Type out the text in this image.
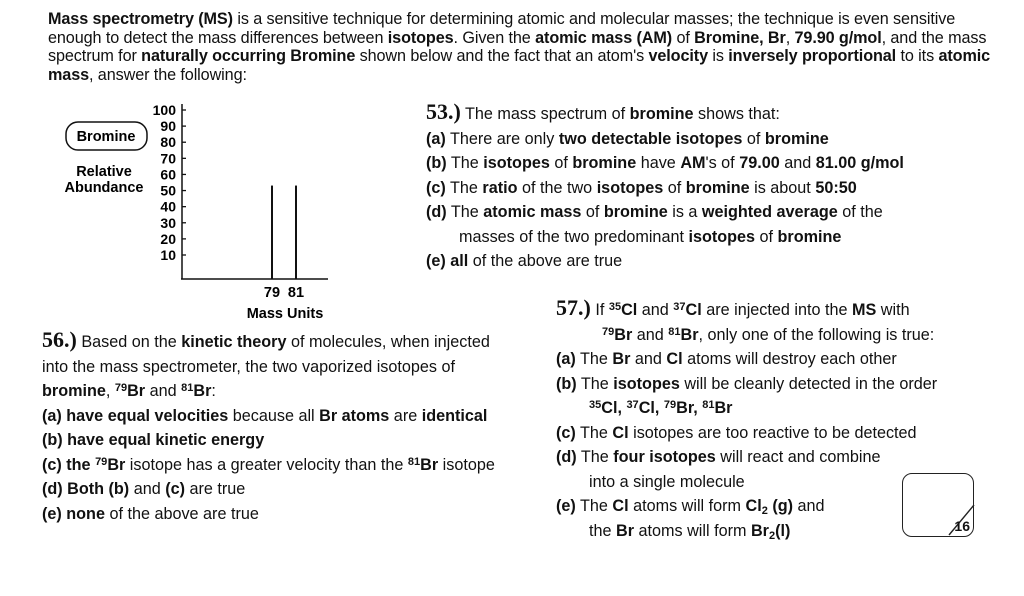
Mass spectrometry (MS) is a sensitive technique for determining atomic and molecular masses; the technique is even sensitive enough to detect the mass differences between isotopes. Given the atomic mass (AM) of Bromine, Br, 79.90 g/mol, and the mass spectrum for naturally occurring Bromine shown below and the fact that an atom's velocity is inversely proportional to its atomic mass, answer the following:

Bromine
Relative
Abundance
100
90
80
70
60
50
40
30
20
10
79 81
Mass Units

53.) The mass spectrum of bromine shows that:

(a) There are only two detectable isotopes of bromine

(b) The isotopes of bromine have AM's of 79.00 and 81.00 g/mol

(c) The ratio of the two isotopes of bromine is about 50:50

(d) The atomic mass of bromine is a weighted average of the

masses of the two predominant isotopes of bromine

(e) all of the above are true

56.) Based on the kinetic theory of molecules, when injected

into the mass spectrometer, the two vaporized isotopes of

bromine, $^{79}$Br and $^{81}$Br:

(a) have equal velocities because all Br atoms are identical

(b) have equal kinetic energy

(c) the $^{79}$Br isotope has a greater velocity than the $^{81}$Br isotope

(d) Both (b) and (c) are true

(e) none of the above are true

57.) If $^{35}$Cl and $^{37}$Cl are injected into the MS with

$^{79}$Br and $^{81}$Br, only one of the following is true:

(a) The Br and Cl atoms will destroy each other

(b) The isotopes will be cleanly detected in the order

$^{35}$Cl, $^{37}$Cl, $^{79}$Br, $^{81}$Br

(c) The Cl isotopes are too reactive to be detected

(d) The four isotopes will react and combine

into a single molecule

(e) The Cl atoms will form $Cl_2$ (g) and

the Br atoms will form $Br_2(l)$	16
